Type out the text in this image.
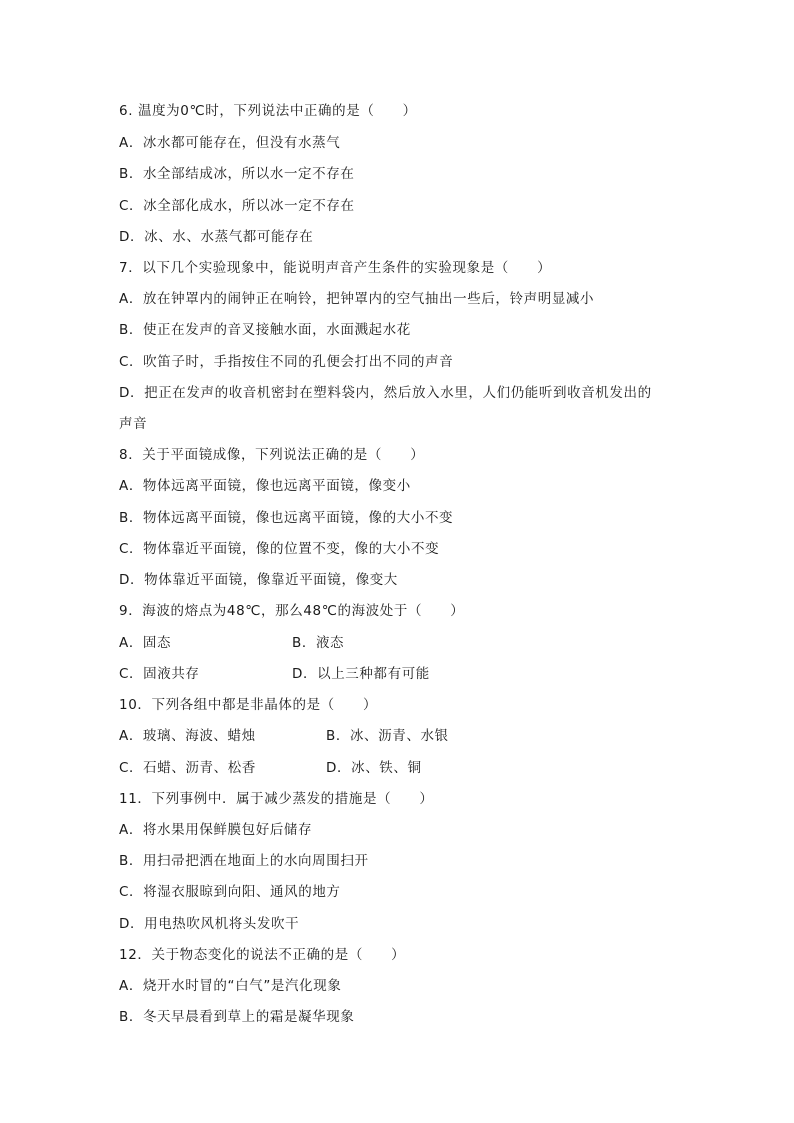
6. 温度为0℃时，下列说法中正确的是（　　）
A．冰水都可能存在，但没有水蒸气
B．水全部结成冰，所以水一定不存在
C．冰全部化成水，所以冰一定不存在
D．冰、水、水蒸气都可能存在
7．以下几个实验现象中，能说明声音产生条件的实验现象是（　　）
A．放在钟罩内的闹钟正在响铃，把钟罩内的空气抽出一些后，铃声明显减小
B．使正在发声的音叉接触水面，水面溅起水花
C．吹笛子时，手指按住不同的孔便会打出不同的声音
D．把正在发声的收音机密封在塑料袋内，然后放入水里，人们仍能听到收音机发出的
声音
8．关于平面镜成像，下列说法正确的是（　　）
A．物体远离平面镜，像也远离平面镜，像变小
B．物体远离平面镜，像也远离平面镜，像的大小不变
C．物体靠近平面镜，像的位置不变，像的大小不变
D．物体靠近平面镜，像靠近平面镜，像变大
9．海波的熔点为48℃，那么48℃的海波处于（　　）
A．固态	B．液态
C．固液共存	D．以上三种都有可能
10．下列各组中都是非晶体的是（　　）
A．玻璃、海波、蜡烛	B．冰、沥青、水银
C．石蜡、沥青、松香	D．冰、铁、铜
11．下列事例中．属于减少蒸发的措施是（　　）
A．将水果用保鲜膜包好后储存
B．用扫帚把洒在地面上的水向周围扫开
C．将湿衣服晾到向阳、通风的地方
D．用电热吹风机将头发吹干
12．关于物态变化的说法不正确的是（　　）
A．烧开水时冒的“白气”是汽化现象
B．冬天早晨看到草上的霜是凝华现象
